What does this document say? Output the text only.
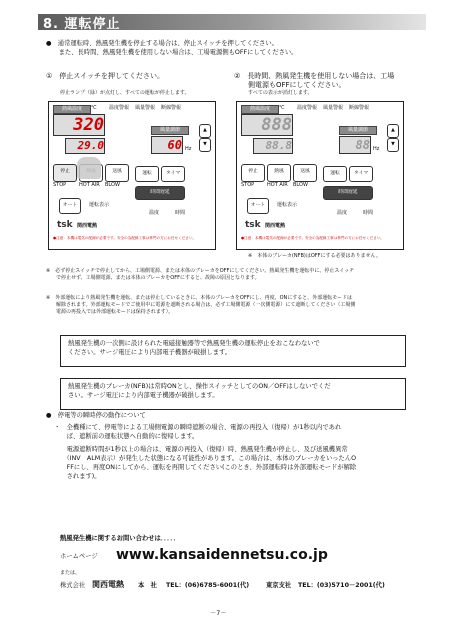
8. 運転停止
●　通常運転時、熱風発生機を停止する場合は、停止スイッチを押してください。
　　また、長時間、熱風発生機を使用しない場合は、工場電源側もOFFにしてください。
①　停止スイッチを押してください。
停止ランプ（緑）が点灯し、すべての運転が停止します。
②　長時間、熱風発生機を使用しない場合は、工場
　　側電源もOFFにしてください。
すべての表示が消灯します。
熱風温度	℃
320
29.0
温度警報 風量警報 断線警報
風量調節
60 Hz
▲
▼
停止	送風
STOP	HOT AIR BLOW
運転	タイマ
時間遅延
オート	運転表示
温度	時間
tsk 関西電熱
●注意：本機は電気の配線が必要です。安全の為配線工事は専門の方にお任せください。
熱風温度	℃
888
88.8
温度警報 風量警報 断線警報
風量調節
88 Hz
▲
▼
停止	熱風	送風
STOP	HOT AIR BLOW
運転	タイマ
時間遅延
オート	運転表示
温度	時間
tsk 関西電熱
●注意：本機は電気の配線が必要です。安全の為配線工事は専門の方にお任せください。
※　本体のブレーカ(NFB)はOFFにする必要はありません。
※　必ず停止スイッチで停止してから、工場側電源、または本体のブレーカをOFFにしてください。熱風発生機を運転中に、停止スイッチ
　　で停止せず、工場側電源、または本体のブレーカをOFFにすると、故障の原因となります。
※　外部運転により熱風発生機を運転、または停止しているときに、本体のブレーカをOFFにし、再度、ONにすると、外部運転モードは
　　解除されます。外部運転モードでご使用中に電源を遮断される場合は、必ず工場側電源（一次側電源）にて遮断してください（工場側
　　電源の再投入では外部運転モードは保持されます）。
熱風発生機の一次側に設けられた電磁接触器等で熱風発生機の運転停止をおこなわないで
ください。サージ電圧により内部電子機器が破損します。
熱風発生機のブレーカ(NFB)は常時ONとし、操作スイッチとしてのON／OFFはしないでくだ
さい。サージ電圧により内部電子機器が破損します。
●　停電等の瞬時停の動作について
・　全機種にて、停電等による工場側電源の瞬時遮断の場合、電源の再投入（復帰）が1秒以内であれ
　　ば、遮断前の運転状態へ自動的に復帰します。
　　電源遮断時間が1秒以上の場合は、電源の再投入（復帰）時、熱風発生機が停止し、及び送風機異常
　　（INV　ALM表示）が発生した状態になる可能性があります。この場合は、本体のブレーカをいったんO
　　FFにし、再度ONにしてから、運転を再開してください(このとき、外部運転時は外部運転モードが解除
　　されます)。
熱風発生機に関するお問い合わせは．．．．．
ホームページ www.kansaidennetsu.co.jp
または、
株式会社 関西電熱 本　社 TEL：(06)6785-6001(代)	東京支社 TEL：(03)5710－2001(代)
－7－
